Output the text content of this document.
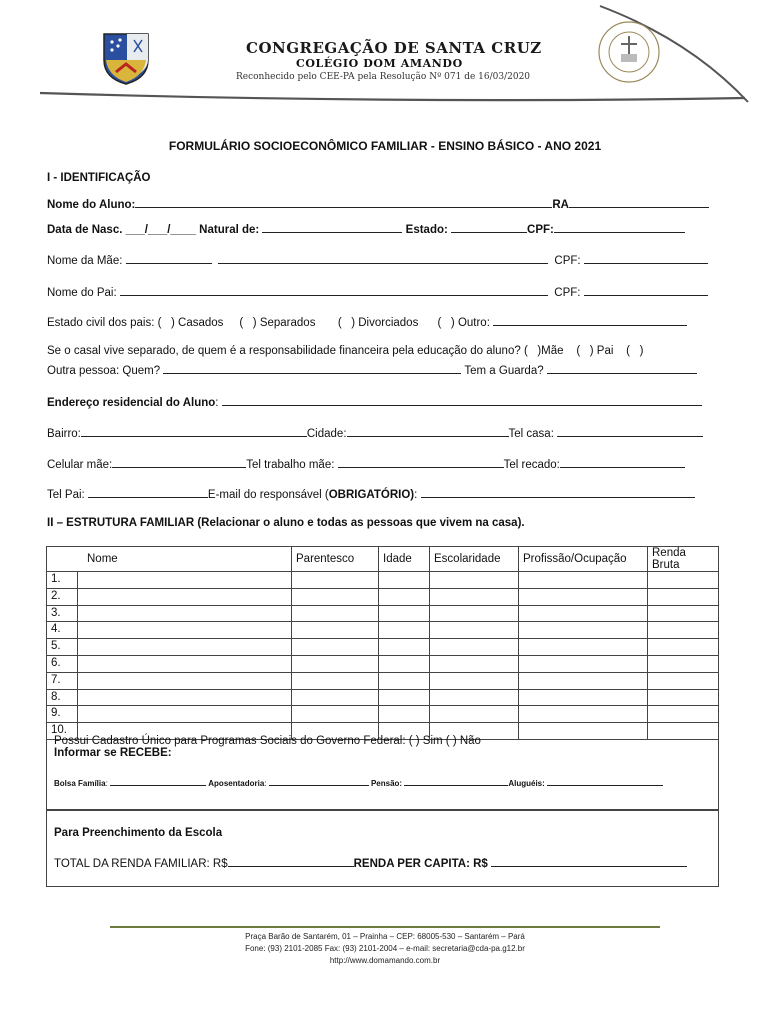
CONGREGAÇÃO DE SANTA CRUZ
COLÉGIO DOM AMANDO
Reconhecido pelo CEE-PA pela Resolução Nº 071 de 16/03/2020
FORMULÁRIO SOCIOECONÔMICO FAMILIAR - ENSINO BÁSICO - ANO 2021
I - IDENTIFICAÇÃO
Nome do Aluno:	RA
Data de Nasc. ___/___/____ Natural de:	Estado:	CPF:
Nome da Mãe:	CPF:
Nome do Pai:	CPF:
Estado civil dos pais: (   ) Casados     (   ) Separados       (   ) Divorciados      (   ) Outro:
Se o casal vive separado, de quem é a responsabilidade financeira pela educação do aluno? (   )Mãe    (   ) Pai    (   )
Outra pessoa: Quem?	Tem a Guarda?
Endereço residencial do Aluno:
Bairro:	Cidade:	Tel casa:
Celular mãe:	Tel trabalho mãe:	Tel recado:
Tel Pai:	E-mail do responsável (OBRIGATÓRIO):
II – ESTRUTURA FAMILIAR (Relacionar o aluno e todas as pessoas que vivem na casa).
Nome	Parentesco	Idade	Escolaridade	Profissão/Ocupação	Renda Bruta
1.					
2.					
3.					
4.					
5.					
6.					
7.					
8.					
9.					
10.					
Possui Cadastro Único para Programas Sociais do Governo Federal: ( ) Sim ( ) Não
Informar se RECEBE:
Bolsa Família:	Aposentadoria:	Pensão:	Aluguéis:
Para Preenchimento da Escola
TOTAL DA RENDA FAMILIAR: R$	RENDA PER CAPITA: R$
Praça Barão de Santarém, 01 – Prainha – CEP: 68005-530 – Santarém – Pará
Fone: (93) 2101-2085 Fax: (93) 2101-2004 – e-mail: secretaria@cda-pa.g12.br
http://www.domamando.com.br
